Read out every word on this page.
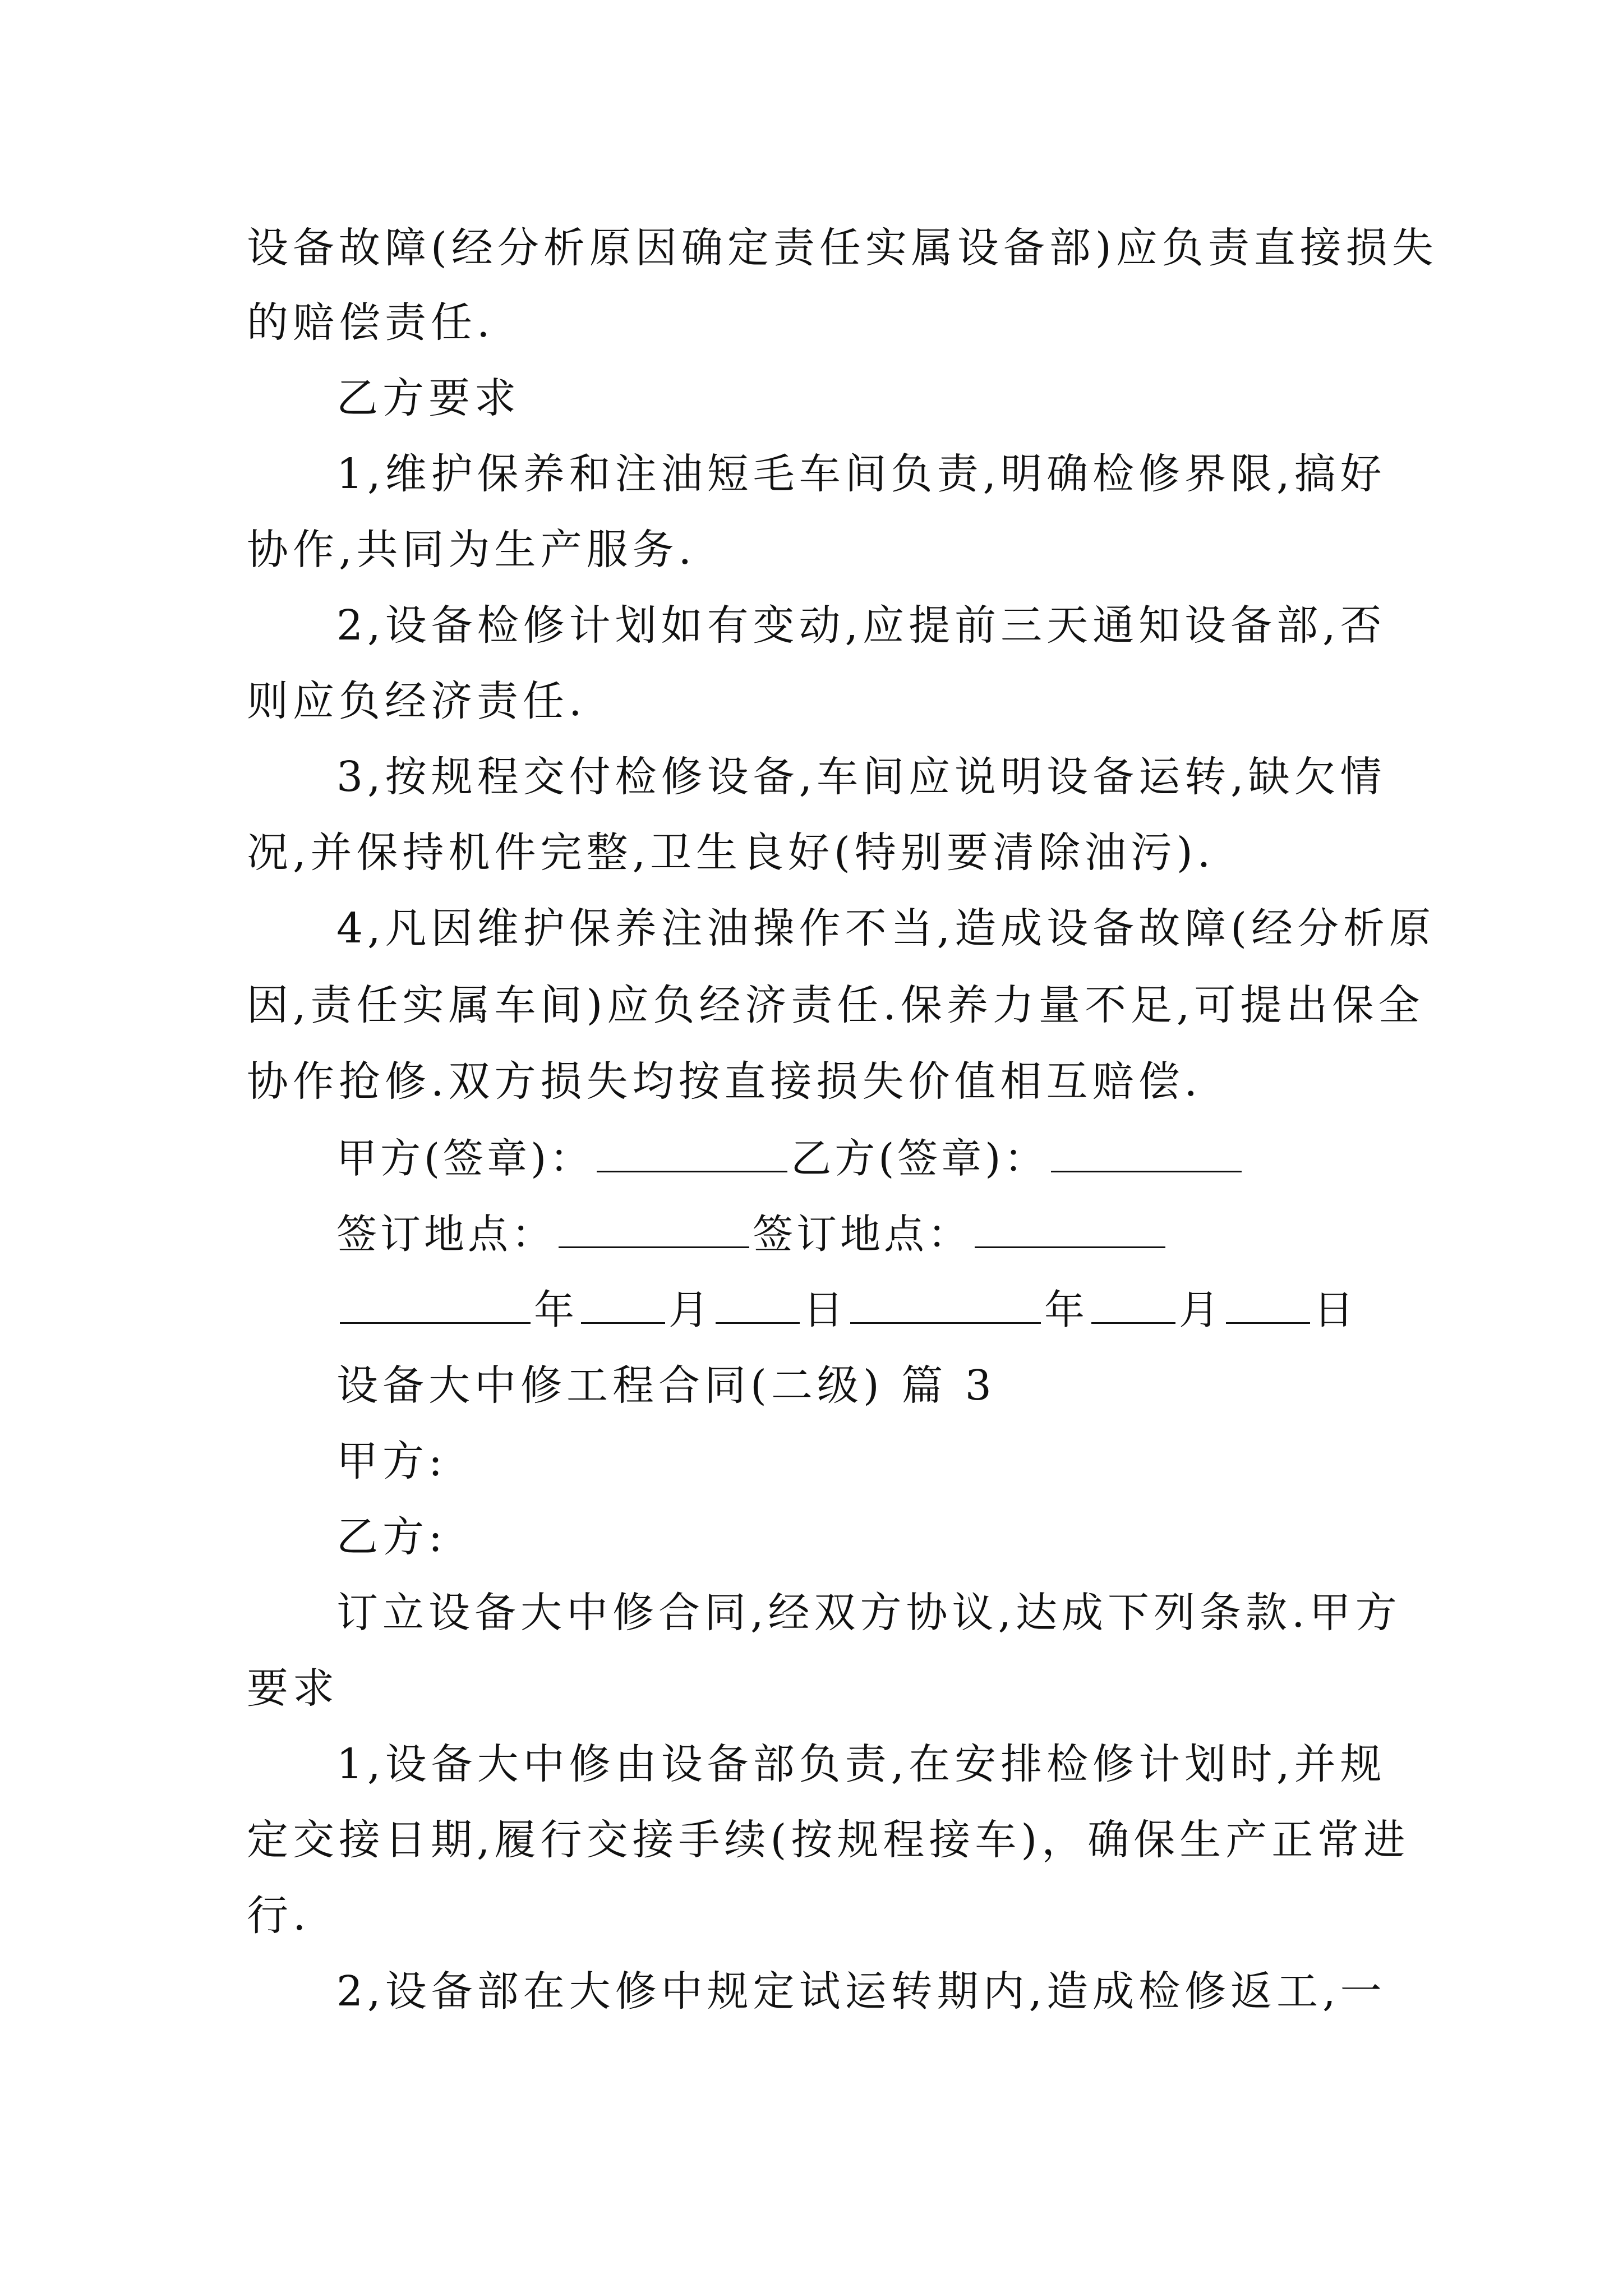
设备故障(经分析原因确定责任实属设备部)应负责直接损失
的赔偿责任.
乙方要求
1,维护保养和注油短毛车间负责,明确检修界限,搞好
协作,共同为生产服务.
2,设备检修计划如有变动,应提前三天通知设备部,否
则应负经济责任.
3,按规程交付检修设备,车间应说明设备运转,缺欠情
况,并保持机件完整,卫生良好(特别要清除油污).
4,凡因维护保养注油操作不当,造成设备故障(经分析原
因,责任实属车间)应负经济责任.保养力量不足,可提出保全
协作抢修.双方损失均按直接损失价值相互赔偿.
甲方(签章)：	乙方(签章)：
签订地点：	签订地点：
年 月 日	年 月 日
设备大中修工程合同(二级) 篇 3
甲方:
乙方:
订立设备大中修合同,经双方协议,达成下列条款.甲方
要求
1,设备大中修由设备部负责,在安排检修计划时,并规
定交接日期,履行交接手续(按规程接车)，确保生产正常进
行.
2,设备部在大修中规定试运转期内,造成检修返工,一
